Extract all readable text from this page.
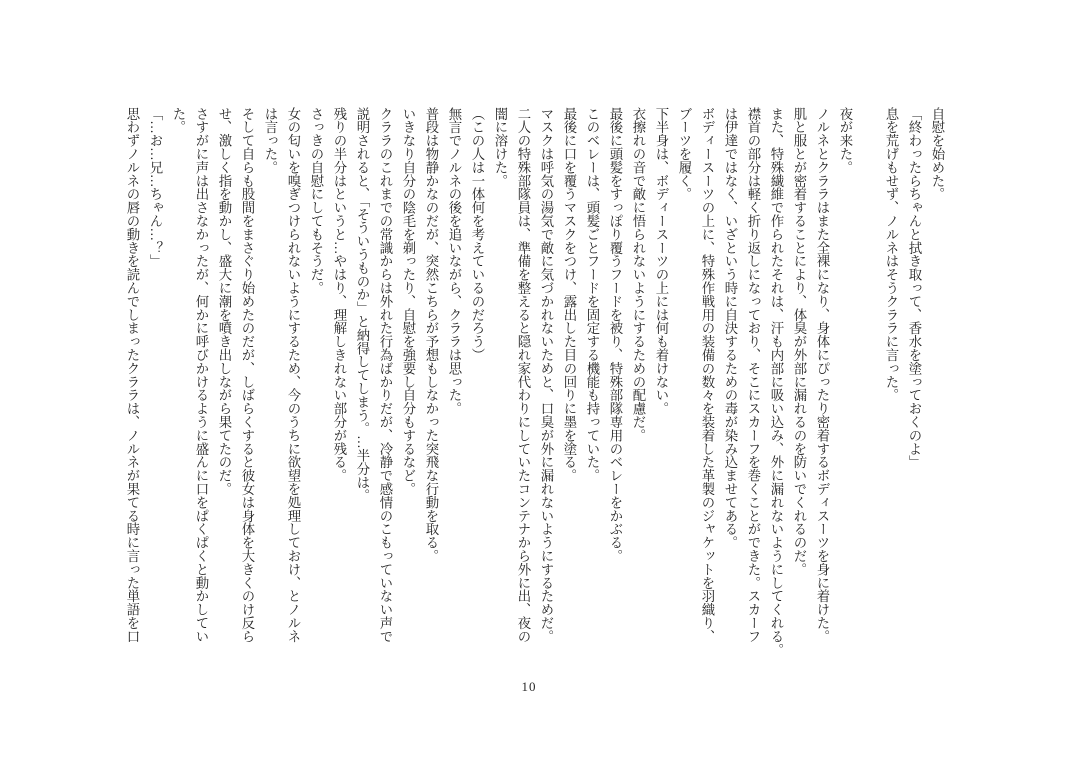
自慰を始めた。

「終わったらちゃんと拭き取って、香水を塗っておくのよ」

息を荒げもせず、ノルネはそうクララに言った。

夜が来た。

ノルネとクララはまた全裸になり、身体にぴったり密着するボディスーツを身に着けた。

肌と服とが密着することにより、体臭が外部に漏れるのを防いでくれるのだ。

また、特殊繊維で作られたそれは、汗も内部に吸い込み、外に漏れないようにしてくれる。

襟首の部分は軽く折り返しになっており、そこにスカーフを巻くことができた。スカーフ

は伊達ではなく、いざという時に自決するための毒が染み込ませてある。

ボディースーツの上に、特殊作戦用の装備の数々を装着した革製のジャケットを羽織り、

ブーツを履く。

下半身は、ボディースーツの上には何も着けない。

衣擦れの音で敵に悟られないようにするための配慮だ。

最後に頭髪をすっぽり覆うフードを被り、特殊部隊専用のベレーをかぶる。

このベレーは、頭髪ごとフードを固定する機能も持っていた。

最後に口を覆うマスクをつけ、露出した目の回りに墨を塗る。

マスクは呼気の湯気で敵に気づかれないためと、口臭が外に漏れないようにするためだ。

二人の特殊部隊員は、準備を整えると隠れ家代わりにしていたコンテナから外に出、夜の

闇に溶けた。

（この人は一体何を考えているのだろう）

無言でノルネの後を追いながら、クララは思った。

普段は物静かなのだが、突然こちらが予想もしなかった突飛な行動を取る。

いきなり自分の陰毛を剃ったり、自慰を強要し自分もするなど。

クララのこれまでの常識からは外れた行為ばかりだが、冷静で感情のこもっていない声で

説明されると、「そういうものか」と納得してしまう。…半分は。

残りの半分はというと…やはり、理解しきれない部分が残る。

さっきの自慰にしてもそうだ。

女の匂いを嗅ぎつけられないようにするため、今のうちに欲望を処理しておけ、とノルネ

は言った。

そして自らも股間をまさぐり始めたのだが、しばらくすると彼女は身体を大きくのけ反ら

せ、激しく指を動かし、盛大に潮を噴き出しながら果てたのだ。

さすがに声は出さなかったが、何かに呼びかけるように盛んに口をぱくぱくと動かしてい

た。

「…お…兄…ちゃん…？」

思わずノルネの唇の動きを読んでしまったクララは、ノルネが果てる時に言った単語を口

10
